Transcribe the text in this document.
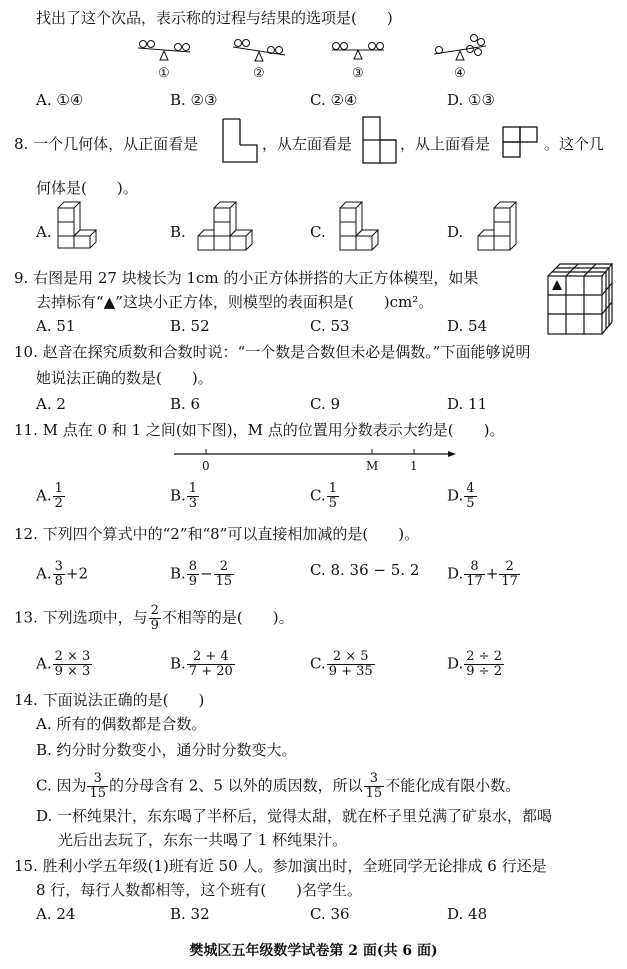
找出了这个次品，表示称的过程与结果的选项是(　　)
①	②	③	④
A. ①④	B. ②③	C. ②④	D. ①③
8. 一个几何体，从正面看是	，从左面看是	，从上面看是	。这个几
何体是(　　)。
A.	B.	C.	D.
9. 右图是用 27 块棱长为 1cm 的小正方体拼搭的大正方体模型，如果
去掉标有“▲”这块小正方体，则模型的表面积是(　　)cm²。
A. 51	B. 52	C. 53	D. 54
10. 赵音在探究质数和合数时说：“一个数是合数但未必是偶数。”下面能够说明
她说法正确的数是(　　)。
A. 2	B. 6	C. 9	D. 11
11. M 点在 0 和 1 之间(如下图)，M 点的位置用分数表示大约是(　　)。
0	M	1
A. $\frac{1}{2}$	B. $\frac{1}{3}$	C. $\frac{1}{5}$	D. $\frac{4}{5}$
12. 下列四个算式中的“2”和“8”可以直接相加减的是(　　)。
A. $\frac{3}{8} +2$	B. $\frac{8}{9} - \frac{2}{15}$	C. 8. 36 − 5. 2 D. $\frac{8}{17} + \frac{2}{17}$
13. 下列选项中，与 $\frac{2}{9}$ 不相等的是(　　)。
A. $\frac{2 \times 3}{9 \times 3}$	B. $\frac{2 + 4}{7 + 20}$	C. $\frac{2 \times 5}{9 + 35}$	D. $\frac{2 \div 2}{9 \div 2}$
14. 下面说法正确的是(　　)
A. 所有的偶数都是合数。
B. 约分时分数变小，通分时分数变大。
C. 因为 $\frac{3}{15}$ 的分母含有 2、5 以外的质因数，所以 $\frac{3}{15}$ 不能化成有限小数。
D. 一杯纯果汁，东东喝了半杯后，觉得太甜，就在杯子里兑满了矿泉水，都喝
光后出去玩了，东东一共喝了 1 杯纯果汁。
15. 胜利小学五年级(1)班有近 50 人。参加演出时，全班同学无论排成 6 行还是
8 行，每行人数都相等，这个班有(　　)名学生。
A. 24	B. 32	C. 36	D. 48
樊城区五年级数学试卷第 2 面(共 6 面)
